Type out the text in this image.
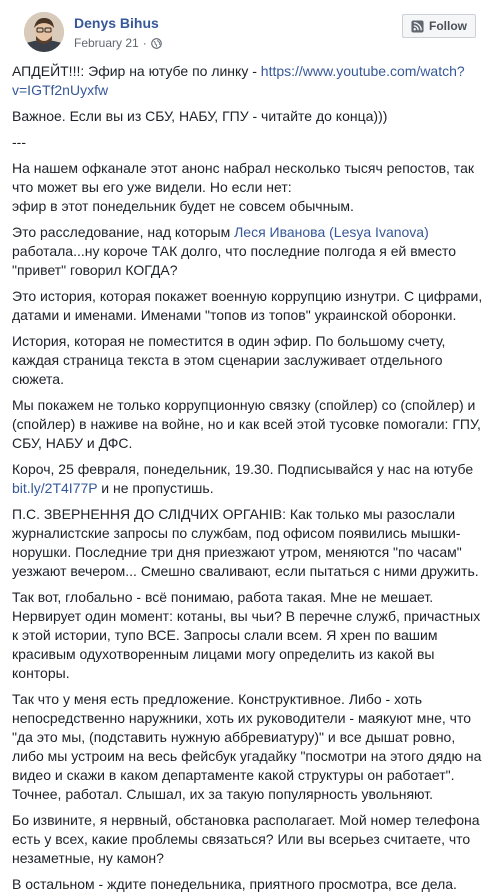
Denys Bihus
February 21 ·
Follow

АПДЕЙТ!!!: Эфир на ютубе по линку - https://www.youtube.com/watch?
v=IGTf2nUyxfw

Важное. Если вы из СБУ, НАБУ, ГПУ - читайте до конца)))

---

На нашем офканале этот анонс набрал несколько тысяч репостов, так
что может вы его уже видели. Но если нет:
эфир в этот понедельник будет не совсем обычным.

Это расследование, над которым Леся Иванова (Lesya Ivanova)
работала...ну короче ТАК долго, что последние полгода я ей вместо
"привет" говорил КОГДА?

Это история, которая покажет военную коррупцию изнутри. С цифрами,
датами и именами. Именами "топов из топов" украинской оборонки.

История, которая не поместится в один эфир. По большому счету,
каждая страница текста в этом сценарии заслуживает отдельного
сюжета.

Мы покажем не только коррупционную связку (спойлер) со (спойлер) и
(спойлер) в наживе на войне, но и как всей этой тусовке помогали: ГПУ,
СБУ, НАБУ и ДФС.

Короч, 25 февраля, понедельник, 19.30. Подписывайся у нас на ютубе
bit.ly/2T4I77P и не пропустишь.

П.С. ЗВЕРНЕННЯ ДО СЛІДЧИХ ОРГАНІВ: Как только мы разослали
журналистские запросы по службам, под офисом появились мышки-
норушки. Последние три дня приезжают утром, меняются "по часам"
уезжают вечером... Смешно сваливают, если пытаться с ними дружить.

Так вот, глобально - всё понимаю, работа такая. Мне не мешает.
Нервирует один момент: котаны, вы чьи? В перечне служб, причастных
к этой истории, тупо ВСЕ. Запросы слали всем. Я хрен по вашим
красивым одухотворенным лицами могу определить из какой вы
конторы.

Так что у меня есть предложение. Конструктивное. Либо - хоть
непосредственно наружники, хоть их руководители - маякуют мне, что
"да это мы, (подставить нужную аббревиатуру)" и все дышат ровно,
либо мы устроим на весь фейсбук угадайку "посмотри на этого дядю на
видео и скажи в каком департаменте какой структуры он работает".
Точнее, работал. Слышал, их за такую популярность увольняют.

Бо извините, я нервный, обстановка располагает. Мой номер телефона
есть у всех, какие проблемы связаться? Или вы всерьез считаете, что
незаметные, ну камон?

В остальном - ждите понедельника, приятного просмотра, все дела.
